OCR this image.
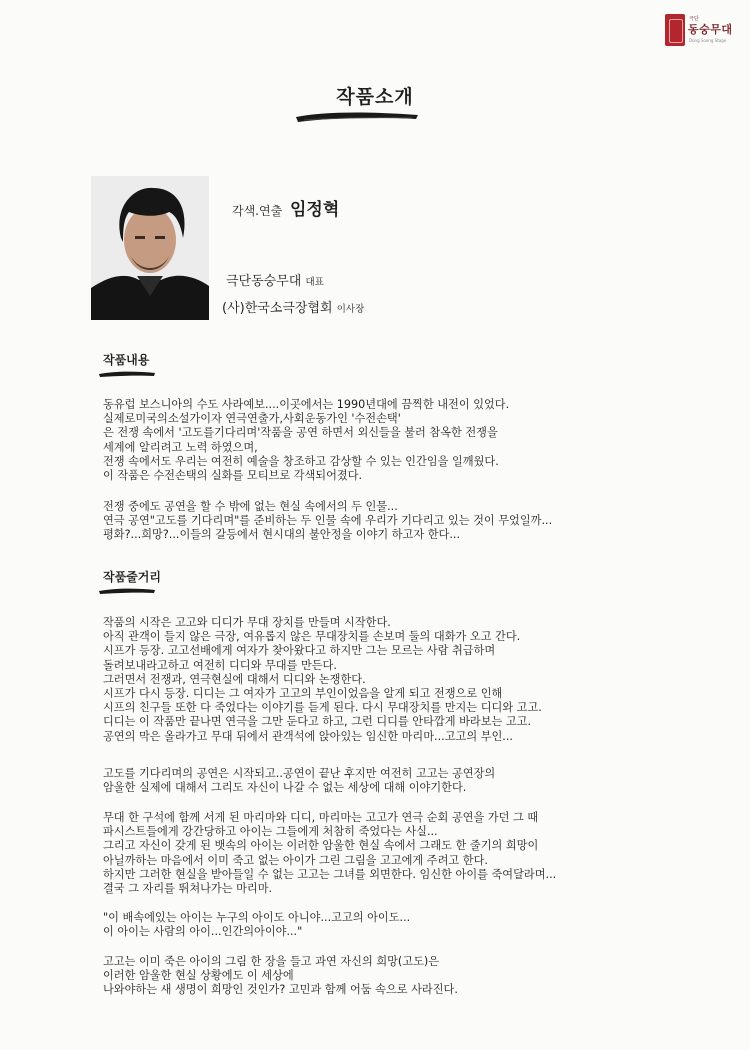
극단
동숭무대
Dong Soong Stage
작품소개
각색.연출 임정혁
극단동숭무대 대표
(사)한국소극장협회 이사장
작품내용
동유럽 보스니아의 수도 사라예보....이곳에서는 1990년대에 끔찍한 내전이 있었다.
실제로미국의소설가이자 연극연출가,사회운동가인 '수전손택'
은 전쟁 속에서 '고도를기다리며'작품을 공연 하면서 외신들을 불러 참옥한 전쟁을
세계에 알리려고 노력 하였으며,
전쟁 속에서도 우리는 여전히 예술을 창조하고 감상할 수 있는 인간임을 일깨웠다.
이 작품은 수전손택의 실화를 모티브로 각색되어졌다.
전쟁 중에도 공연을 할 수 밖에 없는 현실 속에서의 두 인물...
연극 공연"고도를 기다리며"를 준비하는 두 인물 속에 우리가 기다리고 있는 것이 무었일까...
평화?...희망?...이들의 갈등에서 현시대의 불안정을 이야기 하고자 한다...
작품줄거리
작품의 시작은 고고와 디디가 무대 장치를 만들며 시작한다.
아직 관객이 들지 않은 극장, 여유롭지 않은 무대장치를 손보며 둘의 대화가 오고 간다.
시프가 등장. 고고선배에게 여자가 찾아왔다고 하지만 그는 모르는 사람 취급하며
돌려보내라고하고 여전히 디디와 무대를 만든다.
그러면서 전쟁과, 연극현실에 대해서 디디와 논쟁한다.
시프가 다시 등장. 디디는 그 여자가 고고의 부인이었음을 알게 되고 전쟁으로 인해
시프의 친구들 또한 다 죽었다는 이야기를 듣게 된다. 다시 무대장치를 만지는 디디와 고고.
디디는 이 작품만 끝나면 연극을 그만 둔다고 하고, 그런 디디를 안타깝게 바라보는 고고.
공연의 막은 올라가고 무대 뒤에서 관객석에 앉아있는 임신한 마리마...고고의 부인...
고도를 기다리며의 공연은 시작되고..공연이 끝난 후지만 여전히 고고는 공연장의
암울한 실제에 대해서 그리도 자신이 나갈 수 없는 세상에 대해 이야기한다.
무대 한 구석에 함께 서게 된 마리마와 디디, 마리마는 고고가 연극 순회 공연을 가던 그 때
파시스트들에게 강간당하고 아이는 그들에게 처참히 죽었다는 사실...
그리고 자신이 갖게 된 뱃속의 아이는 이러한 암울한 현실 속에서 그래도 한 줄기의 희망이
아닐까하는 마음에서 이미 죽고 없는 아이가 그린 그림을 고고에게 주려고 한다.
하지만 그러한 현실을 받아들일 수 없는 고고는 그녀를 외면한다. 임신한 아이를 죽여달라며...
결국 그 자리를 뛰쳐나가는 마리마.
"이 배속에있는 아이는 누구의 아이도 아니야...고고의 아이도...
이 아이는 사람의 아이...인간의아이야..."
고고는 이미 죽은 아이의 그림 한 장을 들고 과연 자신의 희망(고도)은
이러한 암울한 현실 상황에도 이 세상에
나와야하는 새 생명이 희망인 것인가? 고민과 함께 어둠 속으로 사라진다.
